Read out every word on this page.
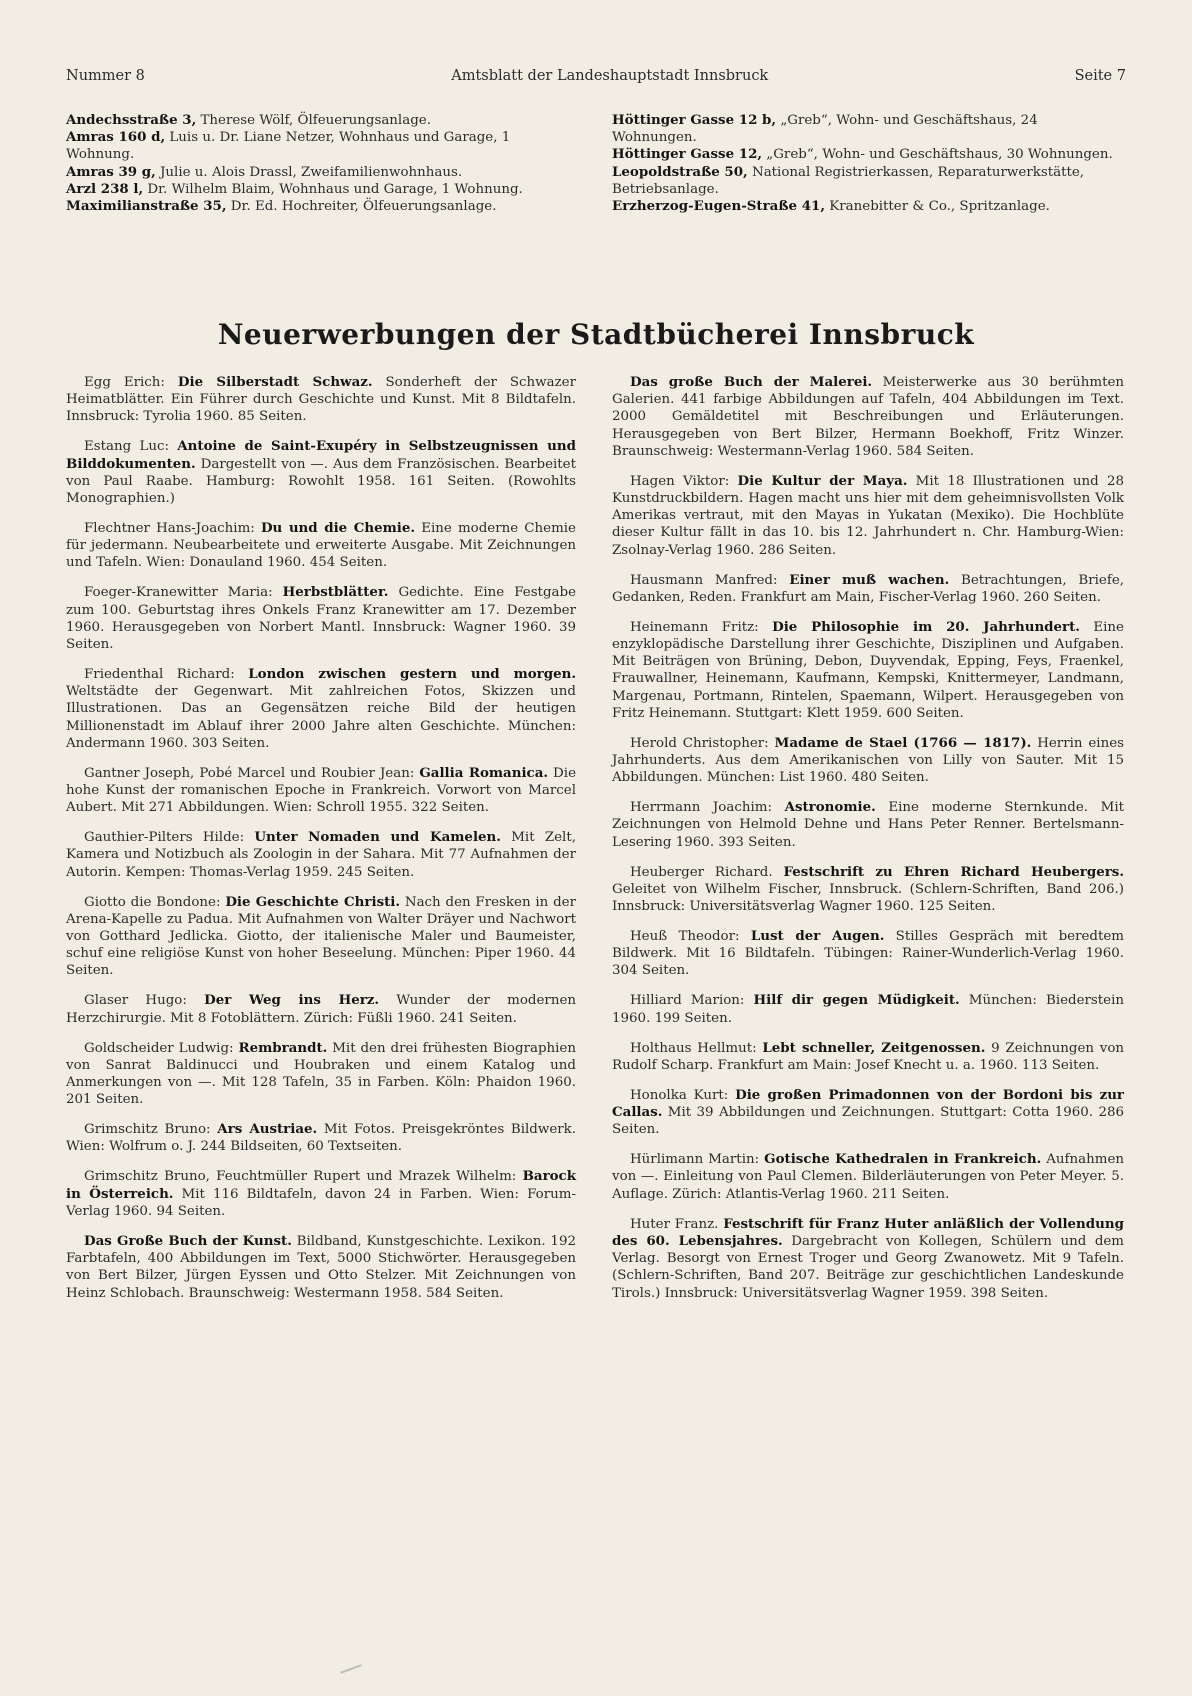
Nummer 8	Amtsblatt der Landeshauptstadt Innsbruck	Seite 7

Andechsstraße 3, Therese Wölf, Ölfeuerungsanlage.

Amras 160 d, Luis u. Dr. Liane Netzer, Wohnhaus und Garage, 1 Wohnung.

Amras 39 g, Julie u. Alois Drassl, Zweifamilienwohnhaus.

Arzl 238 l, Dr. Wilhelm Blaim, Wohnhaus und Garage, 1 Wohnung.

Maximilianstraße 35, Dr. Ed. Hochreiter, Ölfeuerungsanlage.

Höttinger Gasse 12 b, „Greb“, Wohn- und Geschäftshaus, 24 Wohnungen.

Höttinger Gasse 12, „Greb“, Wohn- und Geschäftshaus, 30 Wohnungen.

Leopoldstraße 50, National Registrierkassen, Reparaturwerkstätte, Betriebsanlage.

Erzherzog-Eugen-Straße 41, Kranebitter & Co., Spritzanlage.

Neuerwerbungen der Stadtbücherei Innsbruck

Egg Erich: Die Silberstadt Schwaz. Sonderheft der Schwazer Heimatblätter. Ein Führer durch Geschichte und Kunst. Mit 8 Bildtafeln. Innsbruck: Tyrolia 1960. 85 Seiten.

Estang Luc: Antoine de Saint-Exupéry in Selbstzeugnissen und Bilddokumenten. Dargestellt von —. Aus dem Französischen. Bearbeitet von Paul Raabe. Hamburg: Rowohlt 1958. 161 Seiten. (Rowohlts Monographien.)

Flechtner Hans-Joachim: Du und die Chemie. Eine moderne Chemie für jedermann. Neubearbeitete und erweiterte Ausgabe. Mit Zeichnungen und Tafeln. Wien: Donauland 1960. 454 Seiten.

Foeger-Kranewitter Maria: Herbstblätter. Gedichte. Eine Festgabe zum 100. Geburtstag ihres Onkels Franz Kranewitter am 17. Dezember 1960. Herausgegeben von Norbert Mantl. Innsbruck: Wagner 1960. 39 Seiten.

Friedenthal Richard: London zwischen gestern und morgen. Weltstädte der Gegenwart. Mit zahlreichen Fotos, Skizzen und Illustrationen. Das an Gegensätzen reiche Bild der heutigen Millionenstadt im Ablauf ihrer 2000 Jahre alten Geschichte. München: Andermann 1960. 303 Seiten.

Gantner Joseph, Pobé Marcel und Roubier Jean: Gallia Romanica. Die hohe Kunst der romanischen Epoche in Frankreich. Vorwort von Marcel Aubert. Mit 271 Abbildungen. Wien: Schroll 1955. 322 Seiten.

Gauthier-Pilters Hilde: Unter Nomaden und Kamelen. Mit Zelt, Kamera und Notizbuch als Zoologin in der Sahara. Mit 77 Aufnahmen der Autorin. Kempen: Thomas-Verlag 1959. 245 Seiten.

Giotto die Bondone: Die Geschichte Christi. Nach den Fresken in der Arena-Kapelle zu Padua. Mit Aufnahmen von Walter Dräyer und Nachwort von Gotthard Jedlicka. Giotto, der italienische Maler und Baumeister, schuf eine religiöse Kunst von hoher Beseelung. München: Piper 1960. 44 Seiten.

Glaser Hugo: Der Weg ins Herz. Wunder der modernen Herzchirurgie. Mit 8 Fotoblättern. Zürich: Füßli 1960. 241 Seiten.

Goldscheider Ludwig: Rembrandt. Mit den drei frühesten Biographien von Sanrat Baldinucci und Houbraken und einem Katalog und Anmerkungen von —. Mit 128 Tafeln, 35 in Farben. Köln: Phaidon 1960. 201 Seiten.

Grimschitz Bruno: Ars Austriae. Mit Fotos. Preisgekröntes Bildwerk. Wien: Wolfrum o. J. 244 Bildseiten, 60 Textseiten.

Grimschitz Bruno, Feuchtmüller Rupert und Mrazek Wilhelm: Barock in Österreich. Mit 116 Bildtafeln, davon 24 in Farben. Wien: Forum-Verlag 1960. 94 Seiten.

Das Große Buch der Kunst. Bildband, Kunstgeschichte. Lexikon. 192 Farbtafeln, 400 Abbildungen im Text, 5000 Stichwörter. Herausgegeben von Bert Bilzer, Jürgen Eyssen und Otto Stelzer. Mit Zeichnungen von Heinz Schlobach. Braunschweig: Westermann 1958. 584 Seiten.

Das große Buch der Malerei. Meisterwerke aus 30 berühmten Galerien. 441 farbige Abbildungen auf Tafeln, 404 Abbildungen im Text. 2000 Gemäldetitel mit Beschreibungen und Erläuterungen. Herausgegeben von Bert Bilzer, Hermann Boekhoff, Fritz Winzer. Braunschweig: Westermann-Verlag 1960. 584 Seiten.

Hagen Viktor: Die Kultur der Maya. Mit 18 Illustrationen und 28 Kunstdruckbildern. Hagen macht uns hier mit dem geheimnisvollsten Volk Amerikas vertraut, mit den Mayas in Yukatan (Mexiko). Die Hochblüte dieser Kultur fällt in das 10. bis 12. Jahrhundert n. Chr. Hamburg-Wien: Zsolnay-Verlag 1960. 286 Seiten.

Hausmann Manfred: Einer muß wachen. Betrachtungen, Briefe, Gedanken, Reden. Frankfurt am Main, Fischer-Verlag 1960. 260 Seiten.

Heinemann Fritz: Die Philosophie im 20. Jahrhundert. Eine enzyklopädische Darstellung ihrer Geschichte, Disziplinen und Aufgaben. Mit Beiträgen von Brüning, Debon, Duyvendak, Epping, Feys, Fraenkel, Frauwallner, Heinemann, Kaufmann, Kempski, Knittermeyer, Landmann, Margenau, Portmann, Rintelen, Spaemann, Wilpert. Herausgegeben von Fritz Heinemann. Stuttgart: Klett 1959. 600 Seiten.

Herold Christopher: Madame de Stael (1766 — 1817). Herrin eines Jahrhunderts. Aus dem Amerikanischen von Lilly von Sauter. Mit 15 Abbildungen. München: List 1960. 480 Seiten.

Herrmann Joachim: Astronomie. Eine moderne Sternkunde. Mit Zeichnungen von Helmold Dehne und Hans Peter Renner. Bertelsmann-Lesering 1960. 393 Seiten.

Heuberger Richard. Festschrift zu Ehren Richard Heubergers. Geleitet von Wilhelm Fischer, Innsbruck. (Schlern-Schriften, Band 206.) Innsbruck: Universitätsverlag Wagner 1960. 125 Seiten.

Heuß Theodor: Lust der Augen. Stilles Gespräch mit beredtem Bildwerk. Mit 16 Bildtafeln. Tübingen: Rainer-Wunderlich-Verlag 1960. 304 Seiten.

Hilliard Marion: Hilf dir gegen Müdigkeit. München: Biederstein 1960. 199 Seiten.

Holthaus Hellmut: Lebt schneller, Zeitgenossen. 9 Zeichnungen von Rudolf Scharp. Frankfurt am Main: Josef Knecht u. a. 1960. 113 Seiten.

Honolka Kurt: Die großen Primadonnen von der Bordoni bis zur Callas. Mit 39 Abbildungen und Zeichnungen. Stuttgart: Cotta 1960. 286 Seiten.

Hürlimann Martin: Gotische Kathedralen in Frankreich. Aufnahmen von —. Einleitung von Paul Clemen. Bilderläuterungen von Peter Meyer. 5. Auflage. Zürich: Atlantis-Verlag 1960. 211 Seiten.

Huter Franz. Festschrift für Franz Huter anläßlich der Vollendung des 60. Lebensjahres. Dargebracht von Kollegen, Schülern und dem Verlag. Besorgt von Ernest Troger und Georg Zwanowetz. Mit 9 Tafeln. (Schlern-Schriften, Band 207. Beiträge zur geschichtlichen Landeskunde Tirols.) Innsbruck: Universitätsverlag Wagner 1959. 398 Seiten.
